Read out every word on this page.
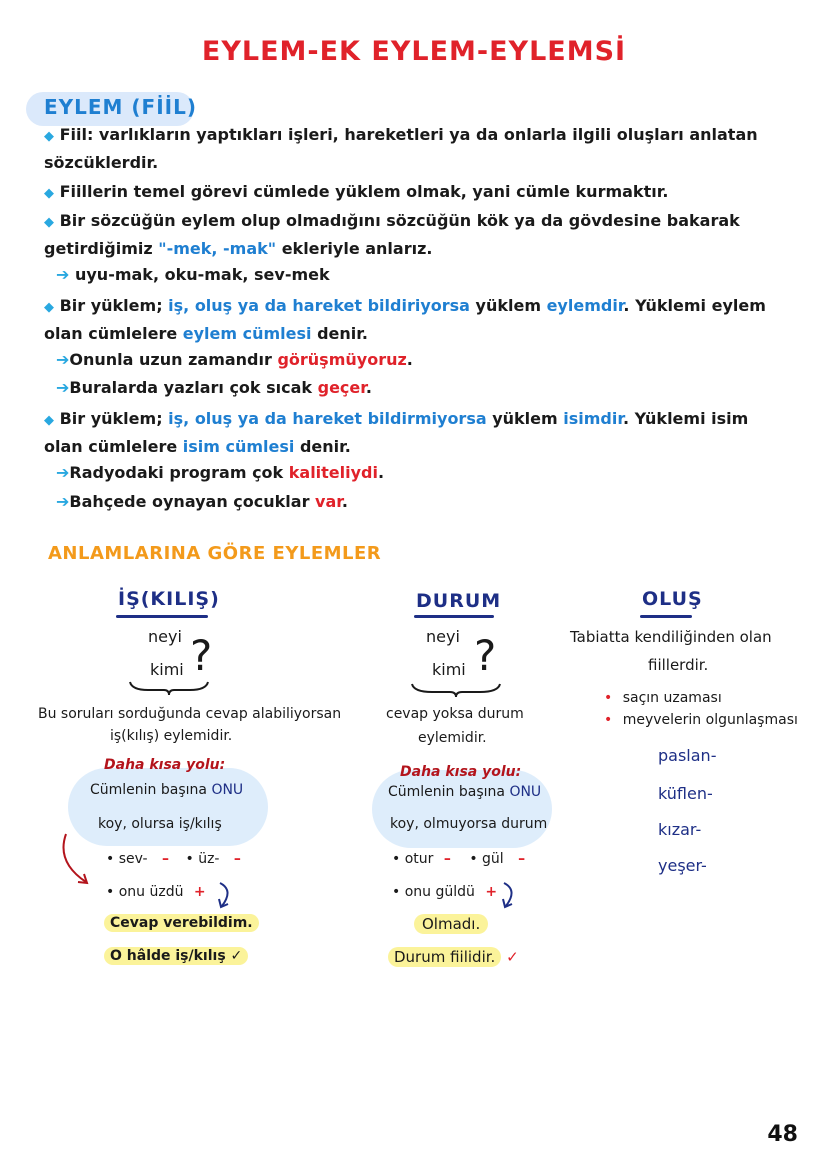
EYLEM-EK EYLEM-EYLEMSİ
EYLEM (FİİL)
◆ Fiil: varlıkların yaptıkları işleri, hareketleri ya da onlarla ilgili oluşları anlatan
sözcüklerdir.
◆ Fiillerin temel görevi cümlede yüklem olmak, yani cümle kurmaktır.
◆ Bir sözcüğün eylem olup olmadığını sözcüğün kök ya da gövdesine bakarak
getirdiğimiz "-mek, -mak" ekleriyle anlarız.
➔ uyu-mak, oku-mak, sev-mek
◆ Bir yüklem; iş, oluş ya da hareket bildiriyorsa yüklem eylemdir. Yüklemi eylem
olan cümlelere eylem cümlesi denir.
➔Onunla uzun zamandır görüşmüyoruz.
➔Buralarda yazları çok sıcak geçer.
◆ Bir yüklem; iş, oluş ya da hareket bildirmiyorsa yüklem isimdir. Yüklemi isim
olan cümlelere isim cümlesi denir.
➔Radyodaki program çok kaliteliydi.
➔Bahçede oynayan çocuklar var.
ANLAMLARINA GÖRE EYLEMLER
İŞ(KILIŞ)
neyi
kimi ?
Bu soruları sorduğunda cevap alabiliyorsan
iş(kılış) eylemidir.
Daha kısa yolu:
Cümlenin başına ONU
koy, olursa iş/kılış
• sev- – • üz- –
• onu üzdü +
Cevap verebildim.
O hâlde iş/kılış ✓
DURUM
neyi
kimi ?
cevap yoksa durum
eylemidir.
Daha kısa yolu:
Cümlenin başına ONU
koy, olmuyorsa durum
• otur – • gül –
• onu güldü +
Olmadı.
Durum fiilidir. ✓
OLUŞ
Tabiatta kendiliğinden olan
fiillerdir.
• saçın uzaması
• meyvelerin olgunlaşması
paslan-
küflen-
kızar-
yeşer-
48
